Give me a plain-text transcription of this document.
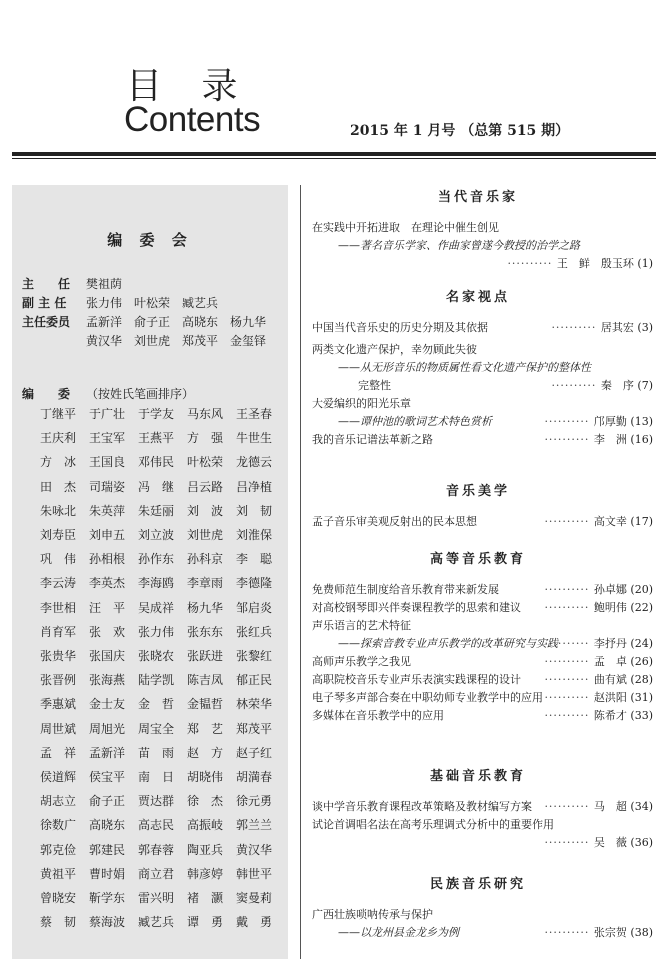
目 录
Contents	2015 年 1 月号 （总第 515 期）
编 委 会
主　　任 樊祖荫
副 主 任 张力伟 叶松荣 臧艺兵
主任委员 孟新洋 俞子正 高晓东 杨九华
黄汉华 刘世虎 郑茂平 金玺铎
编　　委 （按姓氏笔画排序）
丁继平 于广壮 于学友 马东风 王圣春
王庆利 王宝军 王燕平 方　强 牛世生
方　冰 王国良 邓伟民 叶松荣 龙德云
田　杰 司瑞姿 冯　继 吕云路 吕净植
朱咏北 朱英萍 朱廷丽 刘　波 刘　韧
刘寿臣 刘申五 刘立波 刘世虎 刘淮保
巩　伟 孙相根 孙作东 孙科京 李　聪
李云涛 李英杰 李海鸥 李章雨 李德隆
李世相 汪　平 吴成祥 杨九华 邹启炎
肖育军 张　欢 张力伟 张东东 张红兵
张贵华 张国庆 张晓农 张跃进 张黎红
张晋例 张海燕 陆学凯 陈吉凤 郁正民
季惠斌 金士友 金　哲 金韫哲 林荣华
周世斌 周旭光 周宝全 郑　艺 郑茂平
孟　祥 孟新洋 苗　雨 赵　方 赵子红
侯道辉 侯宝平 南　日 胡晓伟 胡満春
胡志立 俞子正 贾达群 徐　杰 徐元勇
徐数广 高晓东 高志民 高振岐 郭兰兰
郭克俭 郭建民 郭春蓉 陶亚兵 黄汉华
黄祖平 曹时娟 商立君 韩彦婷 韩世平
曾晓安 靳学东 雷兴明 褚　灏 窦曼莉
蔡　韧 蔡海波 臧艺兵 谭　勇 戴　勇
当代音乐家
在实践中开拓进取　在理论中催生创见
——著名音乐学家、作曲家曾遂今教授的治学之路
·········· 王　鲜　殷玉环 (1)
名家视点
中国当代音乐史的历史分期及其依据	·········· 居其宏 (3)
两类文化遗产保护，幸勿顾此失彼
——从无形音乐的物质属性看文化遗产保护的整体性
完整性	·········· 秦　序 (7)
大爱编织的阳光乐章
——谭仲池的歌词艺术特色赏析	·········· 邝厚勤 (13)
我的音乐记谱法革新之路	·········· 李　洲 (16)
音乐美学
孟子音乐审美观反射出的民本思想	·········· 高文幸 (17)
高等音乐教育
免费师范生制度给音乐教育带来新发展	·········· 孙卓娜 (20)
对高校钢琴即兴伴奏课程教学的思索和建议 ·········· 鲍明伟 (22)
声乐语言的艺术特征
——探索音教专业声乐教学的改革研究与实践
·········· 李抒丹 (24)
高师声乐教学之我见	·········· 孟　卓 (26)
高职院校音乐专业声乐表演实践课程的设计 ·········· 曲有斌 (28)
电子琴多声部合奏在中职幼师专业教学中的应用 ·········· 赵洪阳 (31)
多媒体在音乐教学中的应用	·········· 陈希才 (33)
基础音乐教育
谈中学音乐教育课程改革策略及教材编写方案 ·········· 马　超 (34)
试论首调唱名法在高考乐理调式分析中的重要作用
·········· 吴　薇 (36)
民族音乐研究
广西壮族唢呐传承与保护
——以龙州县金龙乡为例	·········· 张宗贺 (38)
